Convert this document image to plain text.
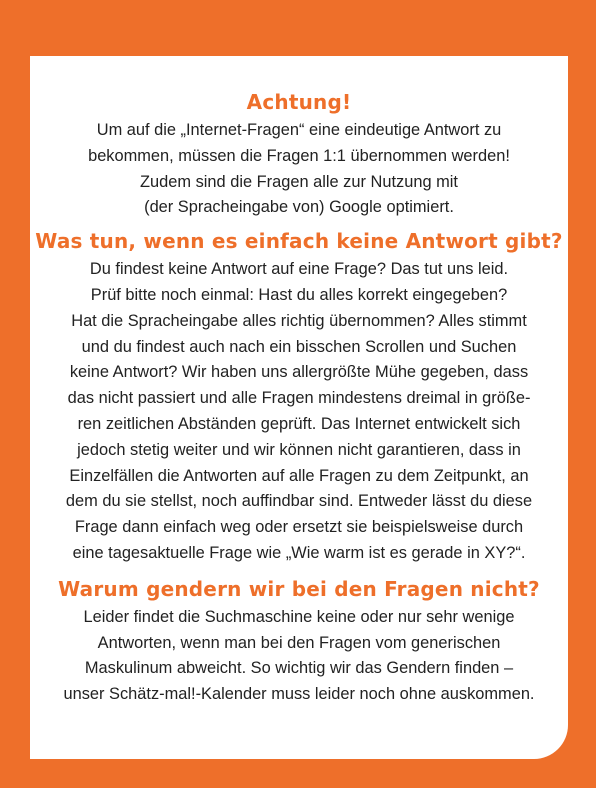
Achtung!

Um auf die „Internet-Fragen“ eine eindeutige Antwort zu
bekommen, müssen die Fragen 1:1 übernommen werden!
Zudem sind die Fragen alle zur Nutzung mit
(der Spracheingabe von) Google optimiert.

Was tun, wenn es einfach keine Antwort gibt?

Du findest keine Antwort auf eine Frage? Das tut uns leid.
Prüf bitte noch einmal: Hast du alles korrekt eingegeben?
Hat die Spracheingabe alles richtig übernommen? Alles stimmt
und du findest auch nach ein bisschen Scrollen und Suchen
keine Antwort? Wir haben uns allergrößte Mühe gegeben, dass
das nicht passiert und alle Fragen mindestens dreimal in größe-
ren zeitlichen Abständen geprüft. Das Internet entwickelt sich
jedoch stetig weiter und wir können nicht garantieren, dass in
Einzelfällen die Antworten auf alle Fragen zu dem Zeitpunkt, an
dem du sie stellst, noch auffindbar sind. Entweder lässt du diese
Frage dann einfach weg oder ersetzt sie beispielsweise durch
eine tagesaktuelle Frage wie „Wie warm ist es gerade in XY?“.

Warum gendern wir bei den Fragen nicht?

Leider findet die Suchmaschine keine oder nur sehr wenige
Antworten, wenn man bei den Fragen vom generischen
Maskulinum abweicht. So wichtig wir das Gendern finden –
unser Schätz-mal!-Kalender muss leider noch ohne auskommen.
